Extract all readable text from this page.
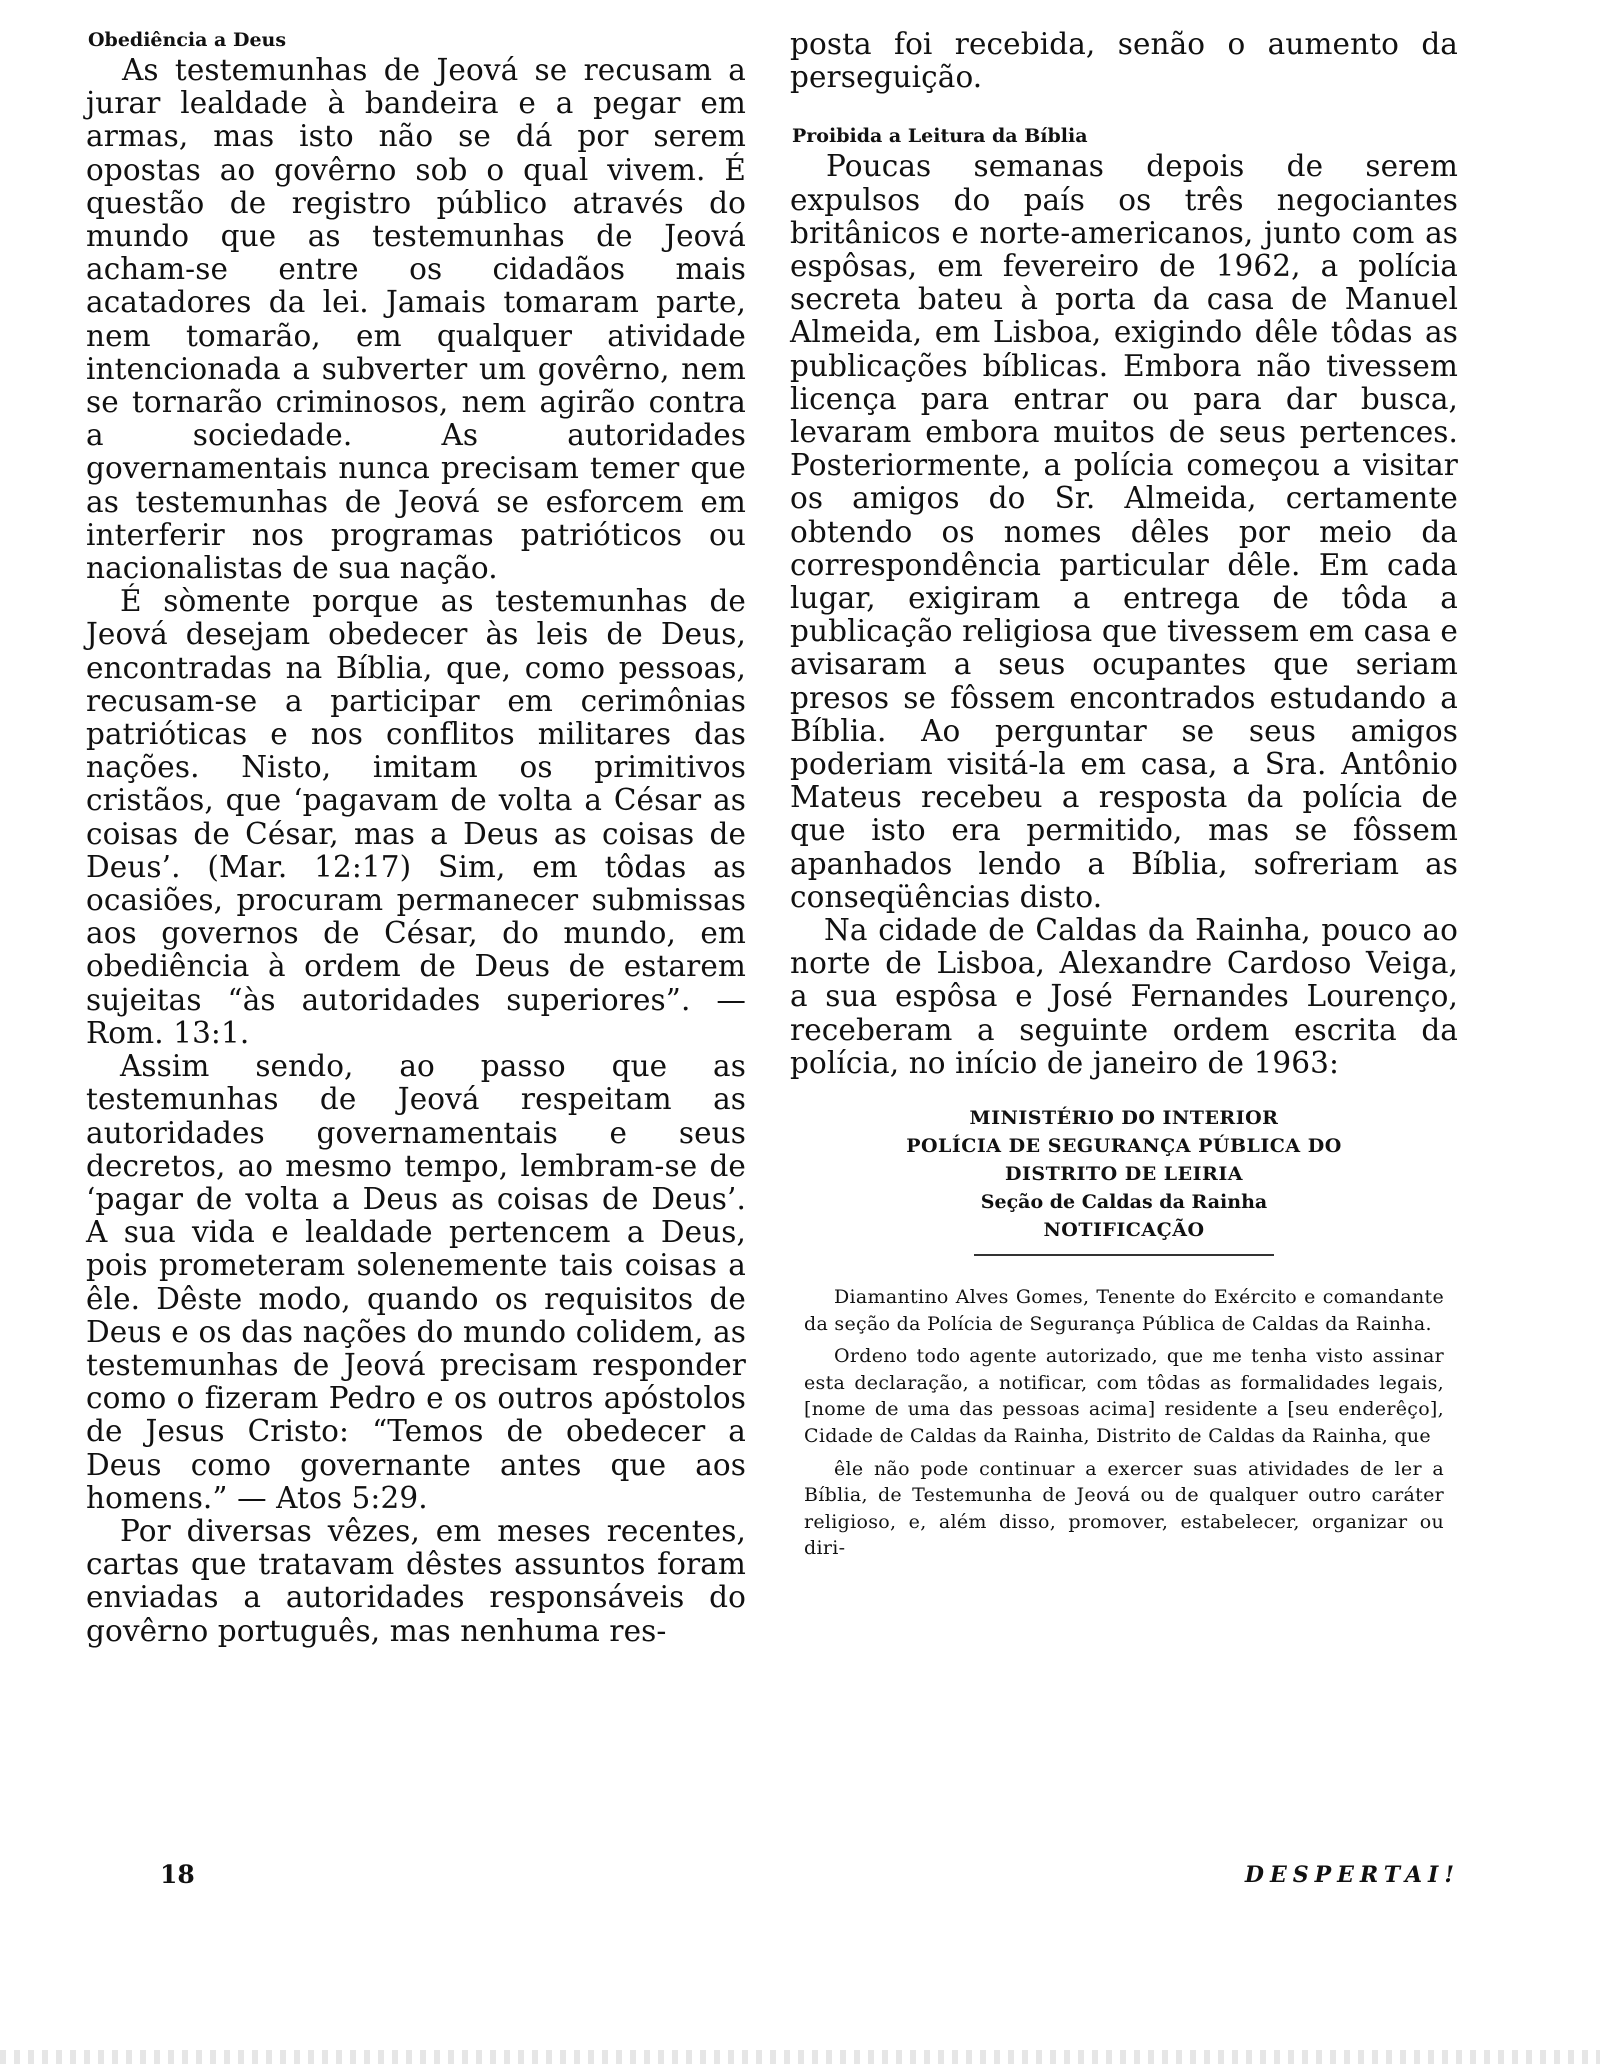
Obediência a Deus

As testemunhas de Jeová se recusam a jurar lealdade à bandeira e a pegar em armas, mas isto não se dá por serem opostas ao govêrno sob o qual vivem. É questão de registro público através do mundo que as testemunhas de Jeová acham-se entre os cidadãos mais acatadores da lei. Jamais tomaram parte, nem tomarão, em qualquer atividade intencionada a subverter um govêrno, nem se tornarão criminosos, nem agirão contra a sociedade. As autoridades governamentais nunca precisam temer que as testemunhas de Jeová se esforcem em interferir nos programas patrióticos ou nacionalistas de sua nação.

É sòmente porque as testemunhas de Jeová desejam obedecer às leis de Deus, encontradas na Bíblia, que, como pessoas, recusam-se a participar em cerimônias patrióticas e nos conflitos militares das nações. Nisto, imitam os primitivos cristãos, que ‘pagavam de volta a César as coisas de César, mas a Deus as coisas de Deus’. (Mar. 12:17) Sim, em tôdas as ocasiões, procuram permanecer submissas aos governos de César, do mundo, em obediência à ordem de Deus de estarem sujeitas “às autoridades superiores”. — Rom. 13:1.

Assim sendo, ao passo que as testemunhas de Jeová respeitam as autoridades governamentais e seus decretos, ao mesmo tempo, lembram-se de ‘pagar de volta a Deus as coisas de Deus’. A sua vida e lealdade pertencem a Deus, pois prometeram solenemente tais coisas a êle. Dêste modo, quando os requisitos de Deus e os das nações do mundo colidem, as testemunhas de Jeová precisam responder como o fizeram Pedro e os outros apóstolos de Jesus Cristo: “Temos de obedecer a Deus como governante antes que aos homens.” — Atos 5:29.

Por diversas vêzes, em meses recentes, cartas que tratavam dêstes assuntos foram enviadas a autoridades responsáveis do govêrno português, mas nenhuma res-

posta foi recebida, senão o aumento da perseguição.

Proibida a Leitura da Bíblia

Poucas semanas depois de serem expulsos do país os três negociantes britânicos e norte-americanos, junto com as espôsas, em fevereiro de 1962, a polícia secreta bateu à porta da casa de Manuel Almeida, em Lisboa, exigindo dêle tôdas as publicações bíblicas. Embora não tivessem licença para entrar ou para dar busca, levaram embora muitos de seus pertences. Posteriormente, a polícia começou a visitar os amigos do Sr. Almeida, certamente obtendo os nomes dêles por meio da correspondência particular dêle. Em cada lugar, exigiram a entrega de tôda a publicação religiosa que tivessem em casa e avisaram a seus ocupantes que seriam presos se fôssem encontrados estudando a Bíblia. Ao perguntar se seus amigos poderiam visitá-la em casa, a Sra. Antônio Mateus recebeu a resposta da polícia de que isto era permitido, mas se fôssem apanhados lendo a Bíblia, sofreriam as conseqüências disto.

Na cidade de Caldas da Rainha, pouco ao norte de Lisboa, Alexandre Cardoso Veiga, a sua espôsa e José Fernandes Lourenço, receberam a seguinte ordem escrita da polícia, no início de janeiro de 1963:

MINISTÉRIO DO INTERIOR
POLÍCIA DE SEGURANÇA PÚBLICA DO
DISTRITO DE LEIRIA
Seção de Caldas da Rainha
NOTIFICAÇÃO

Diamantino Alves Gomes, Tenente do Exército e comandante da seção da Polícia de Segurança Pública de Caldas da Rainha.

Ordeno todo agente autorizado, que me tenha visto assinar esta declaração, a notificar, com tôdas as formalidades legais, [nome de uma das pessoas acima] residente a [seu enderêço], Cidade de Caldas da Rainha, Distrito de Caldas da Rainha, que

êle não pode continuar a exercer suas atividades de ler a Bíblia, de Testemunha de Jeová ou de qualquer outro caráter religioso, e, além disso, promover, estabelecer, organizar ou diri-

18	DESPERTAI!
